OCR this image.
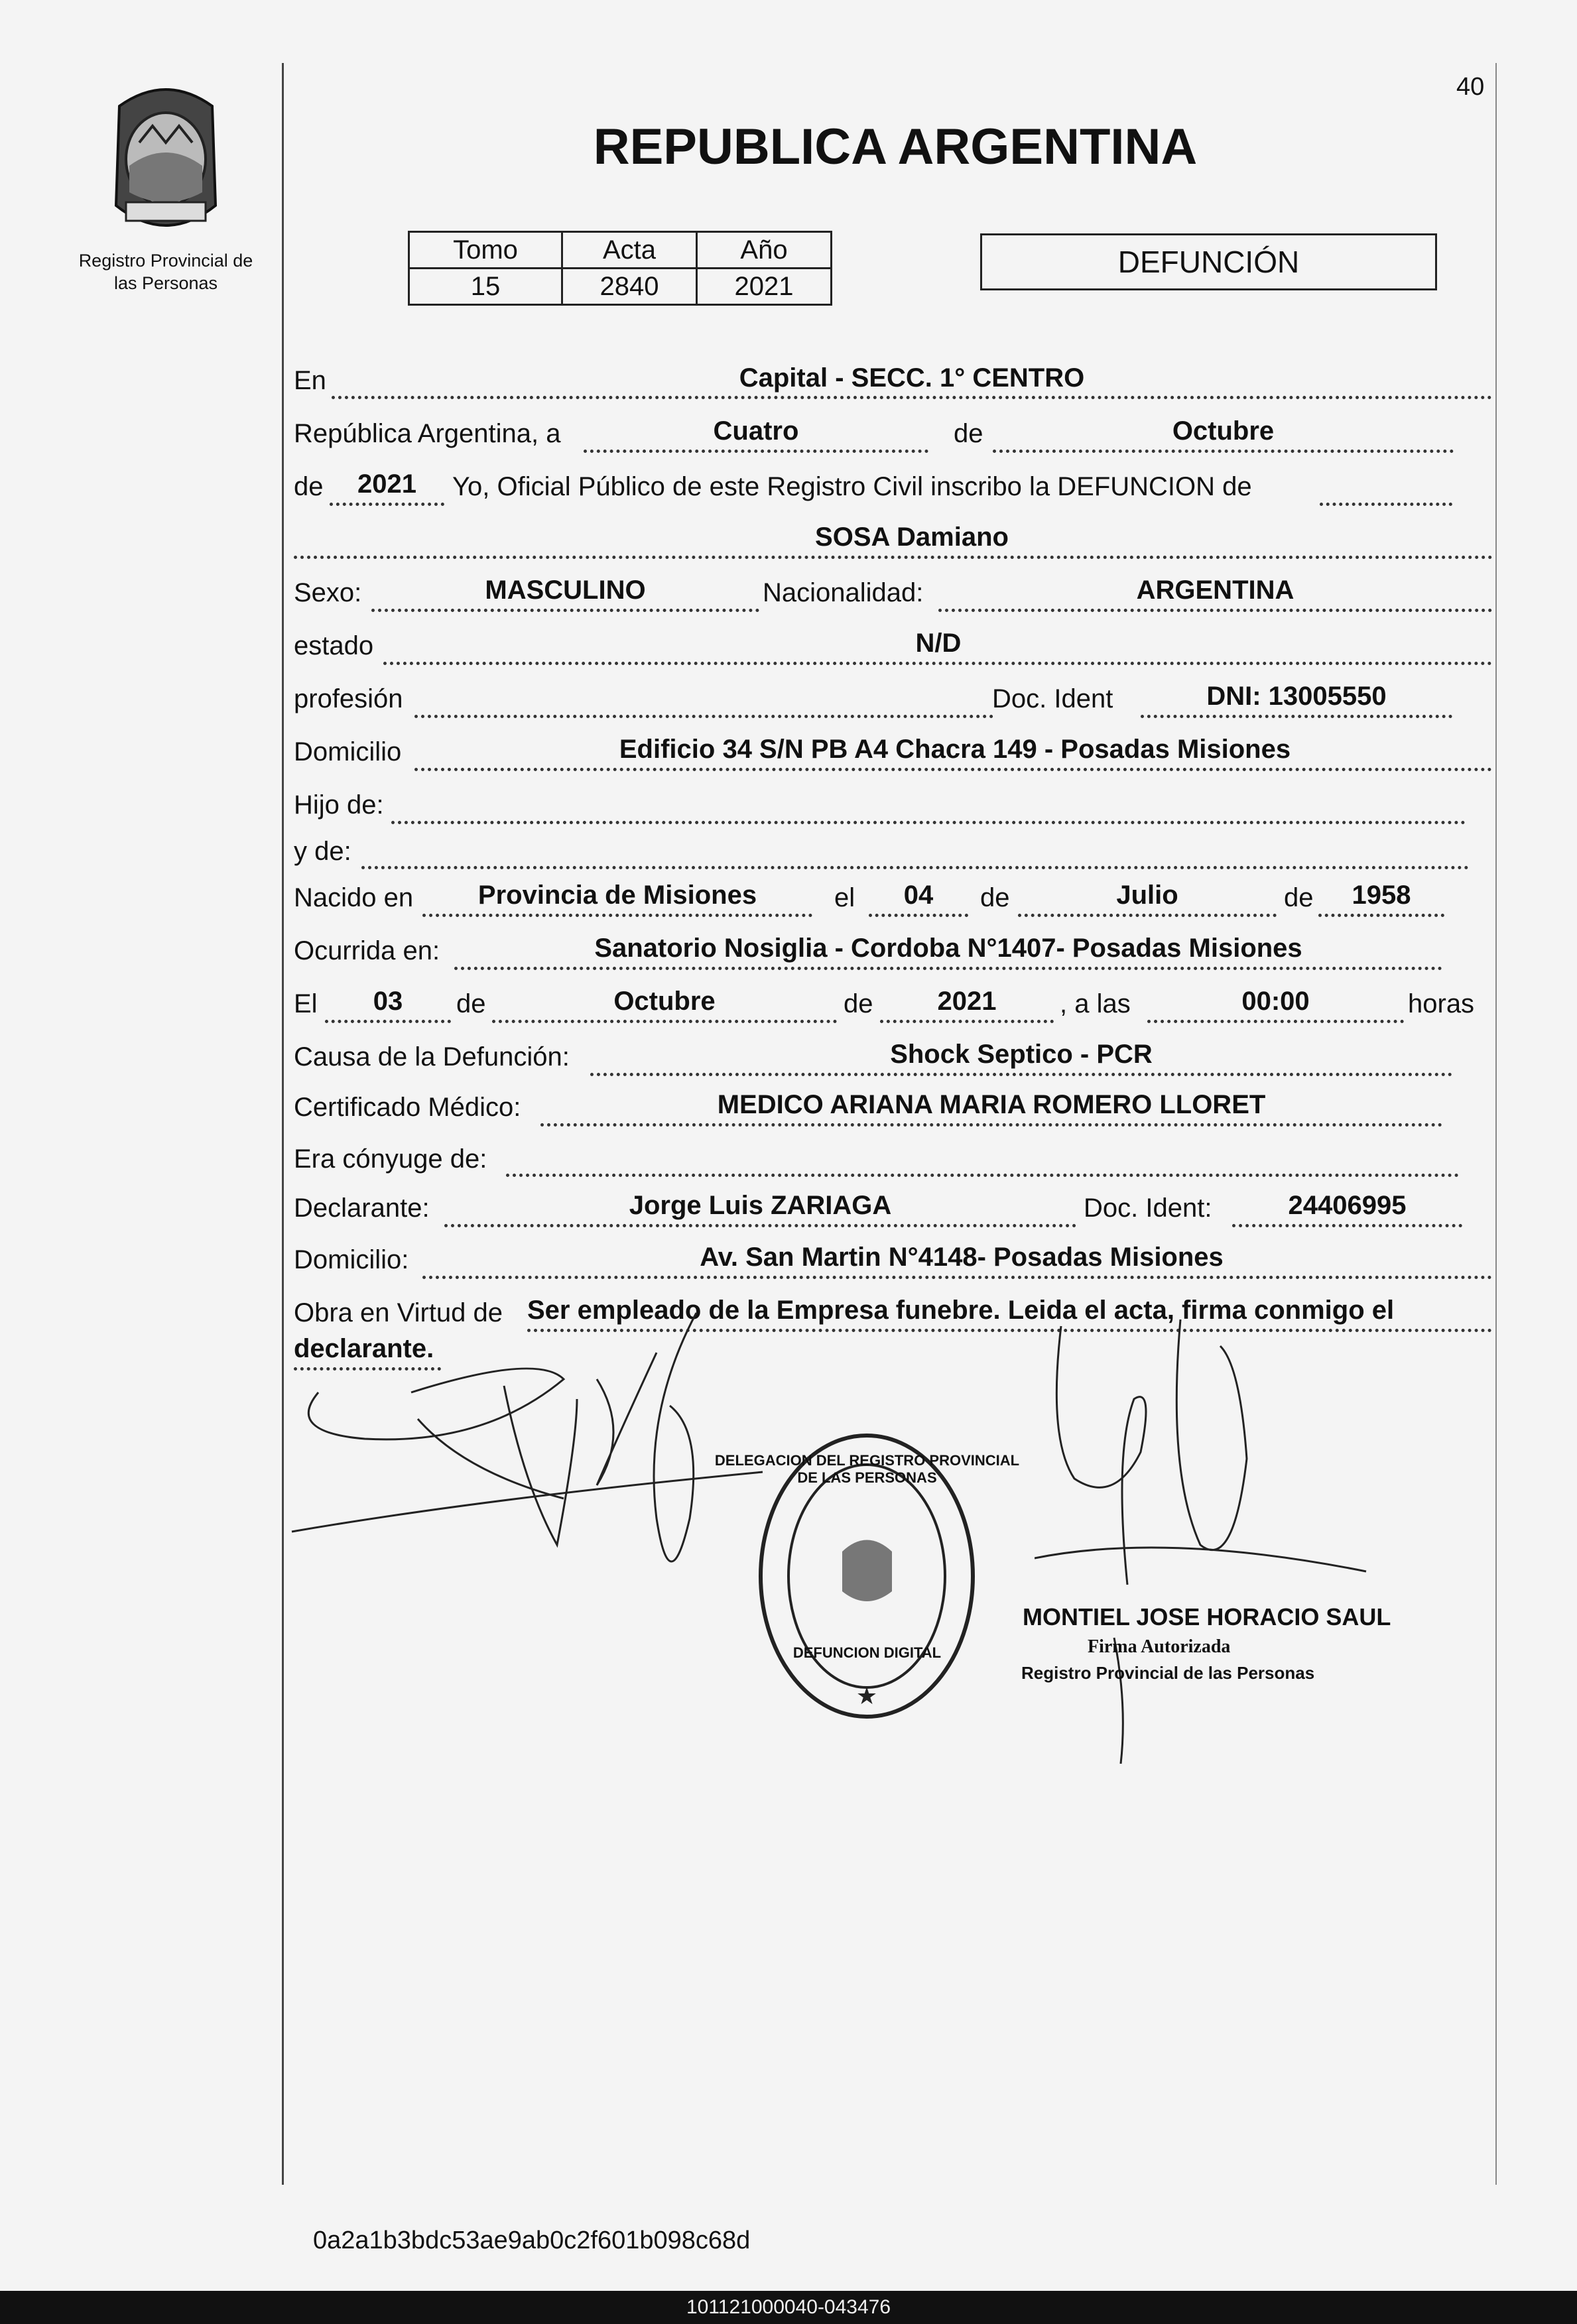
Registro Provincial de
las Personas
40
REPUBLICA ARGENTINA
Tomo	Acta	Año
15	2840	2021
DEFUNCIÓN
En	Capital - SECC. 1° CENTRO
República Argentina, a	Cuatro	de	Octubre
de	2021	Yo, Oficial Público de este Registro Civil inscribo la DEFUNCION de
SOSA Damiano
Sexo:	MASCULINO	Nacionalidad:	ARGENTINA
estado	N/D
profesión	Doc. Ident	DNI: 13005550
Domicilio	Edificio 34 S/N PB A4 Chacra 149 - Posadas Misiones
Hijo de:
y de:
Nacido en	Provincia de Misiones	el	04	de	Julio	de	1958
Ocurrida en:	Sanatorio Nosiglia - Cordoba N°1407- Posadas Misiones
El	03	de	Octubre	de	2021	, a las	00:00	horas
Causa de la Defunción:	Shock Septico - PCR
Certificado Médico:	MEDICO ARIANA MARIA ROMERO LLORET
Era cónyuge de:
Declarante:	Jorge Luis ZARIAGA	Doc. Ident:	24406995
Domicilio:	Av. San Martin N°4148- Posadas Misiones
Obra en Virtud de Ser empleado de la Empresa funebre. Leida el acta, firma conmigo el
declarante.
★
DELEGACION DEL REGISTRO PROVINCIAL DE LAS PERSONAS
DEFUNCION DIGITAL
MONTIEL JOSE HORACIO SAUL
Firma Autorizada
Registro Provincial de las Personas
0a2a1b3bdc53ae9ab0c2f601b098c68d
101121000040-043476
